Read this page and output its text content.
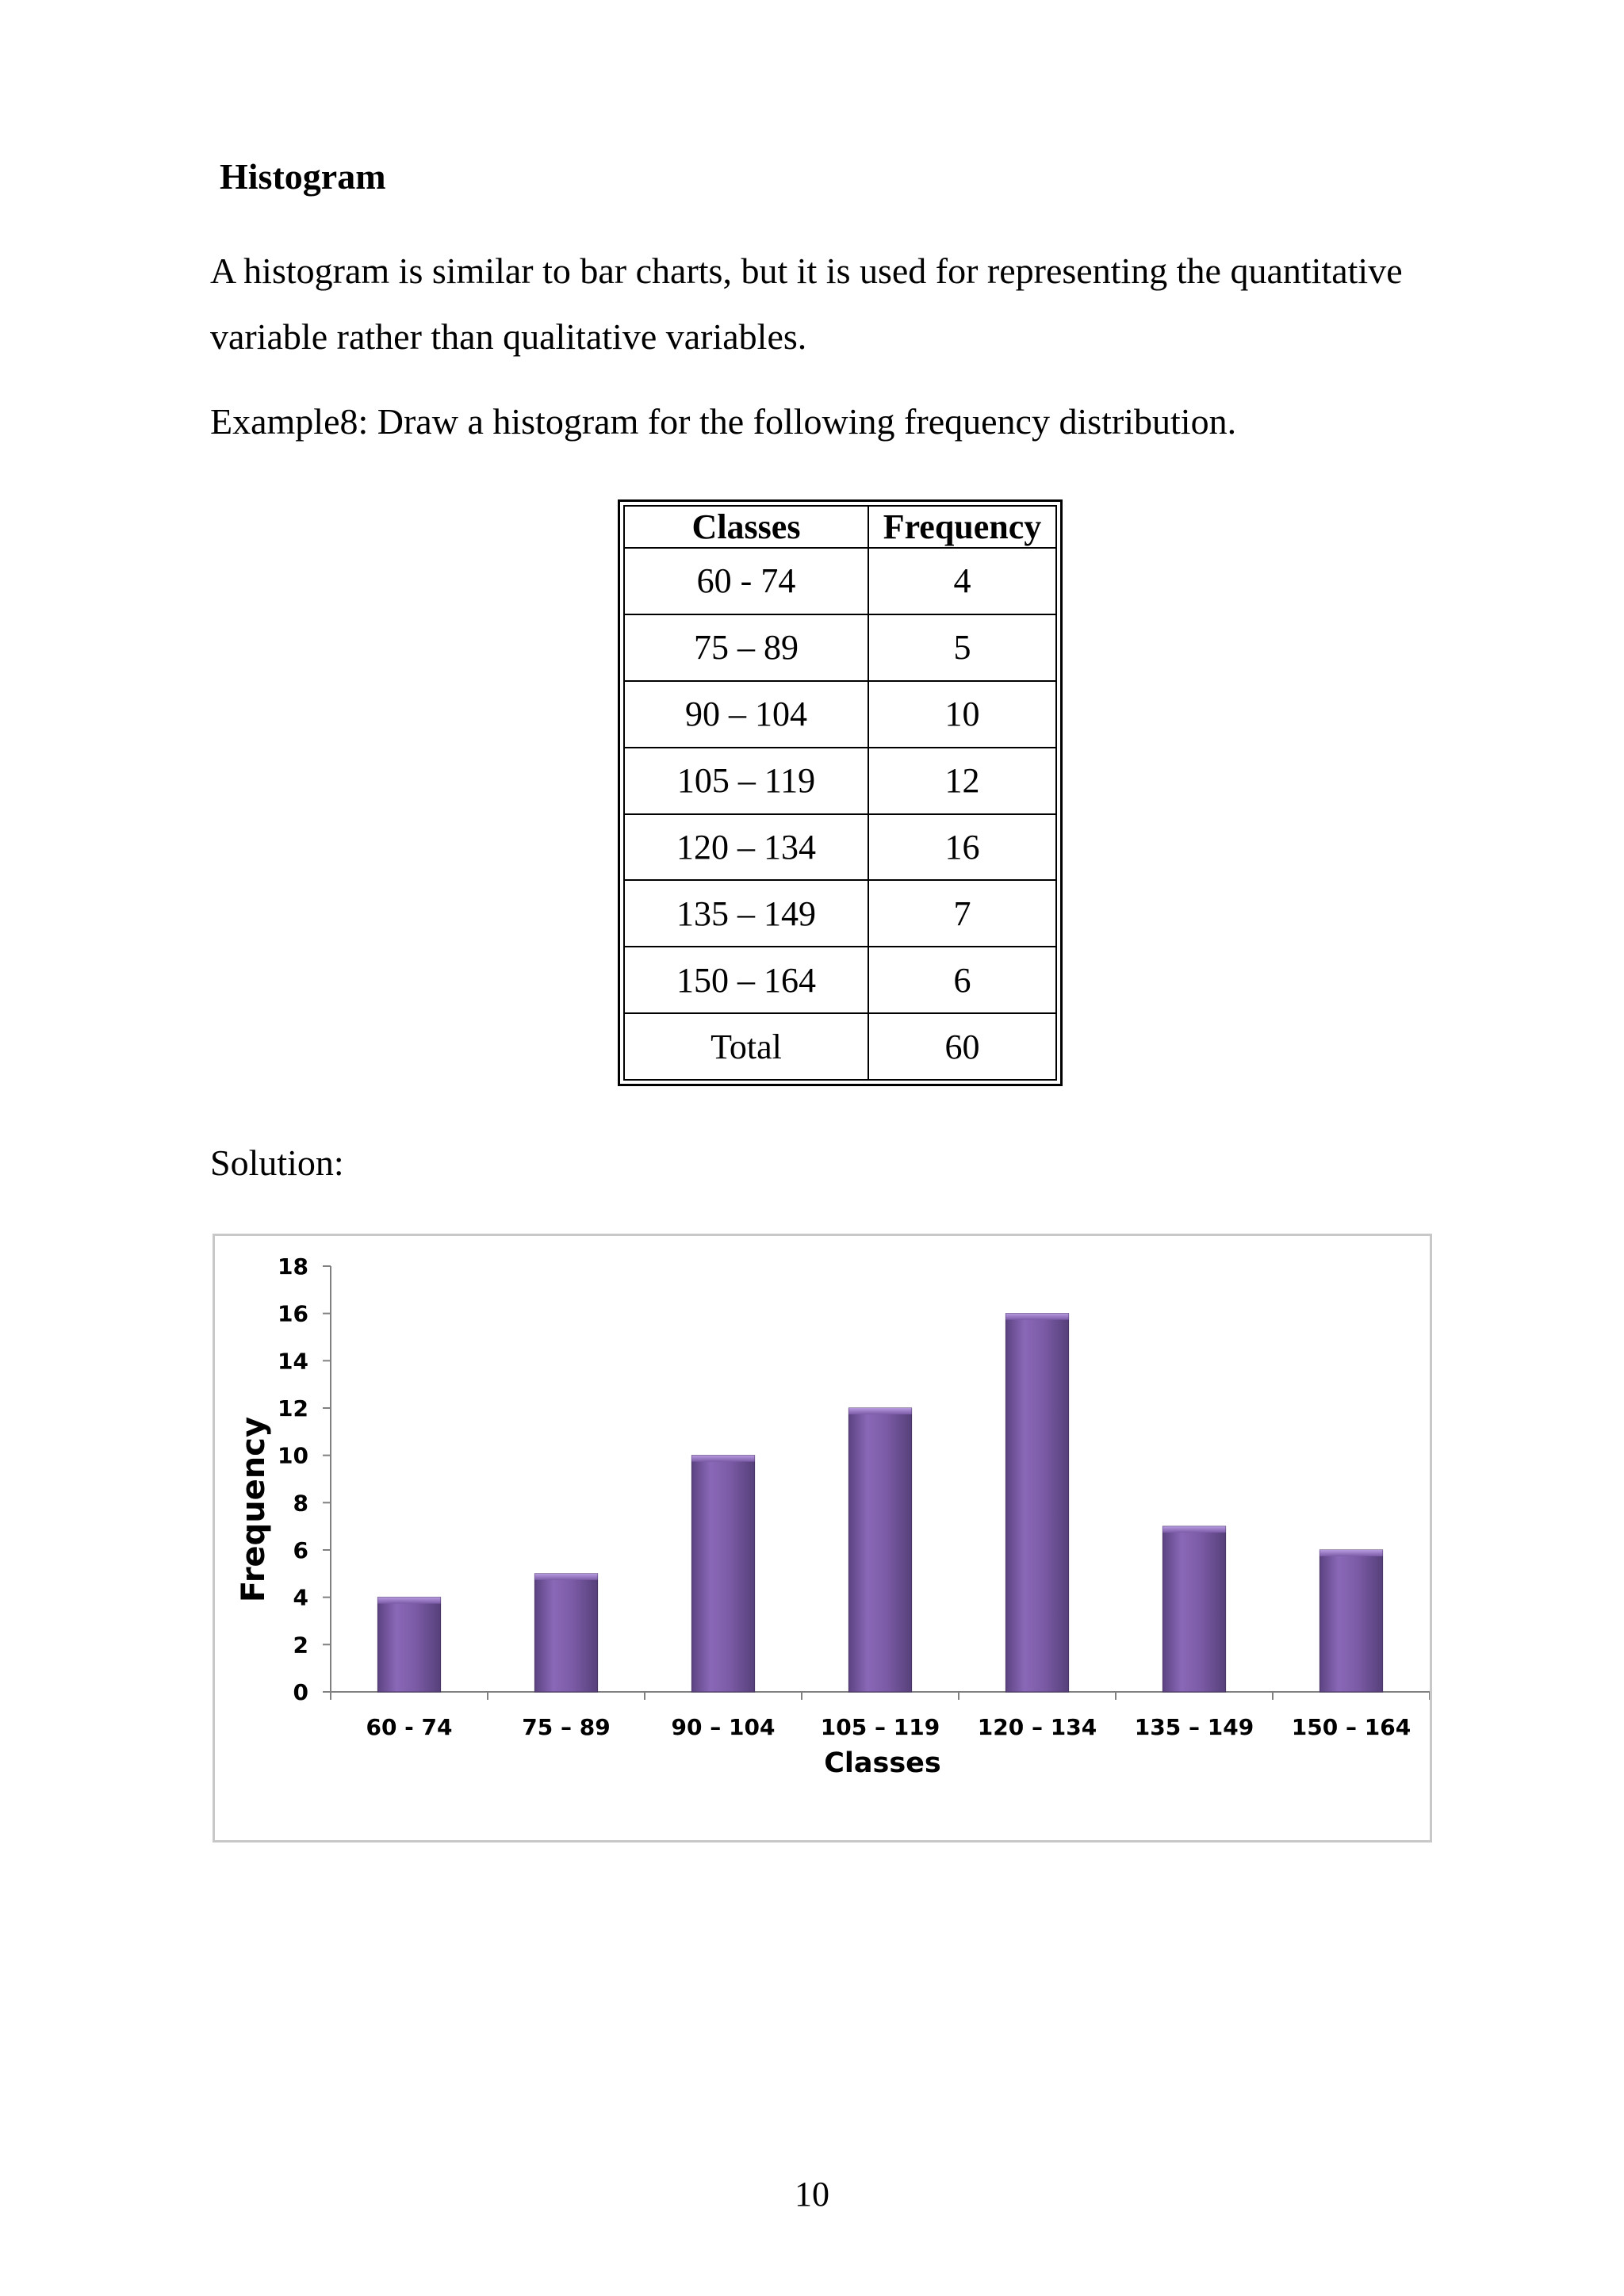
Histogram

A histogram is similar to bar charts, but it is used for representing the quantitative variable rather than qualitative variables.

Example8: Draw a histogram for the following frequency distribution.

Classes	Frequency
60 - 74	4
75 – 89	5
90 – 104	10
105 – 119	12
120 – 134	16
135 – 149	7
150 – 164	6
Total	60

Solution:

0
2
4
6
8
10
12
14
16
18
60 - 74	75 – 89	90 – 104 105 – 119 120 – 134 135 – 149 150 – 164
Frequency
Classes

10
